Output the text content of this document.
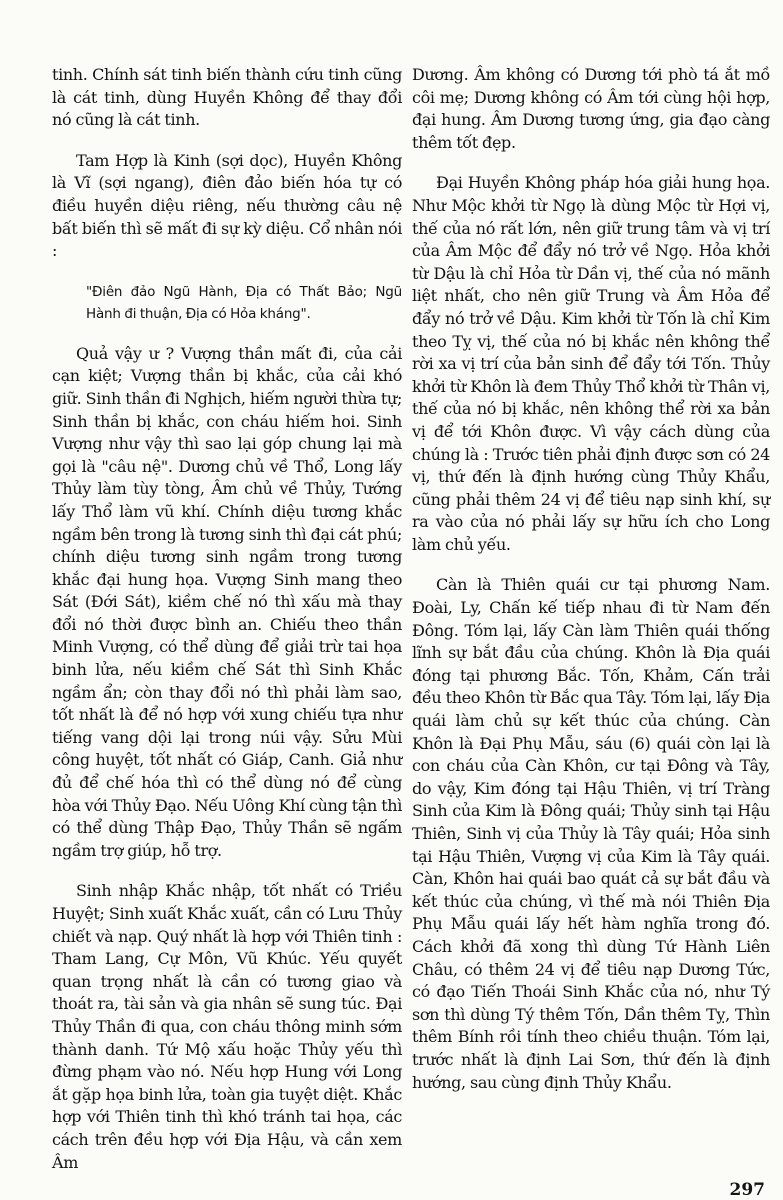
tinh. Chính sát tinh biến thành cứu tinh cũng là cát tinh, dùng Huyền Không để thay đổi nó cũng là cát tinh.

Tam Hợp là Kinh (sợi dọc), Huyền Không là Vĩ (sợi ngang), điên đảo biến hóa tự có điều huyền diệu riêng, nếu thường câu nệ bất biến thì sẽ mất đi sự kỳ diệu. Cổ nhân nói :

"Điên đảo Ngũ Hành, Địa có Thất Bảo; Ngũ Hành đi thuận, Địa có Hỏa kháng".

Quả vậy ư ? Vượng thần mất đi, của cải cạn kiệt; Vượng thần bị khắc, của cải khó giữ. Sinh thần đi Nghịch, hiếm người thừa tự; Sinh thần bị khắc, con cháu hiếm hoi. Sinh Vượng như vậy thì sao lại góp chung lại mà gọi là "câu nệ". Dương chủ về Thổ, Long lấy Thủy làm tùy tòng, Âm chủ về Thủy, Tướng lấy Thổ làm vũ khí. Chính diệu tương khắc ngầm bên trong là tương sinh thì đại cát phú; chính diệu tương sinh ngầm trong tương khắc đại hung họa. Vượng Sinh mang theo Sát (Đới Sát), kiềm chế nó thì xấu mà thay đổi nó thời được bình an. Chiếu theo thần Minh Vượng, có thể dùng để giải trừ tai họa binh lửa, nếu kiềm chế Sát thì Sinh Khắc ngầm ẩn; còn thay đổi nó thì phải làm sao, tốt nhất là để nó hợp với xung chiếu tựa như tiếng vang dội lại trong núi vậy. Sửu Mùi công huyệt, tốt nhất có Giáp, Canh. Giả như đủ để chế hóa thì có thể dùng nó để cùng hòa với Thủy Đạo. Nếu Uông Khí cùng tận thì có thể dùng Thập Đạo, Thủy Thần sẽ ngấm ngầm trợ giúp, hỗ trợ.

Sinh nhập Khắc nhập, tốt nhất có Triều Huyệt; Sinh xuất Khắc xuất, cần có Lưu Thủy chiết và nạp. Quý nhất là hợp với Thiên tinh : Tham Lang, Cự Môn, Vũ Khúc. Yếu quyết quan trọng nhất là cần có tương giao và thoát ra, tài sản và gia nhân sẽ sung túc. Đại Thủy Thần đi qua, con cháu thông minh sớm thành danh. Tứ Mộ xấu hoặc Thủy yếu thì đừng phạm vào nó. Nếu hợp Hung với Long ắt gặp họa binh lửa, toàn gia tuyệt diệt. Khắc hợp với Thiên tinh thì khó tránh tai họa, các cách trên đều hợp với Địa Hậu, và cần xem Âm

Dương. Âm không có Dương tới phò tá ắt mồ côi mẹ; Dương không có Âm tới cùng hội hợp, đại hung. Âm Dương tương ứng, gia đạo càng thêm tốt đẹp.

Đại Huyền Không pháp hóa giải hung họa. Như Mộc khởi từ Ngọ là dùng Mộc từ Hợi vị, thế của nó rất lớn, nên giữ trung tâm và vị trí của Âm Mộc để đẩy nó trở về Ngọ. Hỏa khởi từ Dậu là chỉ Hỏa từ Dần vị, thế của nó mãnh liệt nhất, cho nên giữ Trung và Âm Hỏa để đẩy nó trở về Dậu. Kim khởi từ Tốn là chỉ Kim theo Tỵ vị, thế của nó bị khắc nên không thể rời xa vị trí của bản sinh để đẩy tới Tốn. Thủy khởi từ Khôn là đem Thủy Thổ khởi từ Thân vị, thế của nó bị khắc, nên không thể rời xa bản vị để tới Khôn được. Vì vậy cách dùng của chúng là : Trước tiên phải định được sơn có 24 vị, thứ đến là định hướng cùng Thủy Khẩu, cũng phải thêm 24 vị để tiêu nạp sinh khí, sự ra vào của nó phải lấy sự hữu ích cho Long làm chủ yếu.

Càn là Thiên quái cư tại phương Nam. Đoài, Ly, Chấn kế tiếp nhau đi từ Nam đến Đông. Tóm lại, lấy Càn làm Thiên quái thống lĩnh sự bắt đầu của chúng. Khôn là Địa quái đóng tại phương Bắc. Tốn, Khảm, Cấn trải đều theo Khôn từ Bắc qua Tây. Tóm lại, lấy Địa quái làm chủ sự kết thúc của chúng. Càn Khôn là Đại Phụ Mẫu, sáu (6) quái còn lại là con cháu của Càn Khôn, cư tại Đông và Tây, do vậy, Kim đóng tại Hậu Thiên, vị trí Tràng Sinh của Kim là Đông quái; Thủy sinh tại Hậu Thiên, Sinh vị của Thủy là Tây quái; Hỏa sinh tại Hậu Thiên, Vượng vị của Kim là Tây quái. Càn, Khôn hai quái bao quát cả sự bắt đầu và kết thúc của chúng, vì thế mà nói Thiên Địa Phụ Mẫu quái lấy hết hàm nghĩa trong đó. Cách khởi đã xong thì dùng Tứ Hành Liên Châu, có thêm 24 vị để tiêu nạp Dương Tức, có đạo Tiến Thoái Sinh Khắc của nó, như Tý sơn thì dùng Tý thêm Tốn, Dần thêm Tỵ, Thìn thêm Bính rồi tính theo chiều thuận. Tóm lại, trước nhất là định Lai Sơn, thứ đến là định hướng, sau cùng định Thủy Khẩu.

297
